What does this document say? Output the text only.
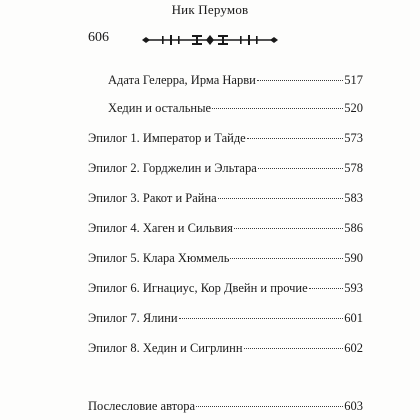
Ник Перумов
606
Адата Гелерра, Ирма Нарви	517
Хедин и остальные	520
Эпилог 1. Император и Тайде	573
Эпилог 2. Горджелин и Эльтара	578
Эпилог 3. Ракот и Райна	583
Эпилог 4. Хаген и Сильвия	586
Эпилог 5. Клара Хюммель	590
Эпилог 6. Игнациус, Кор Двейн и прочие	593
Эпилог 7. Ялини	601
Эпилог 8. Хедин и Сигрлинн	602
Послесловие автора	603
